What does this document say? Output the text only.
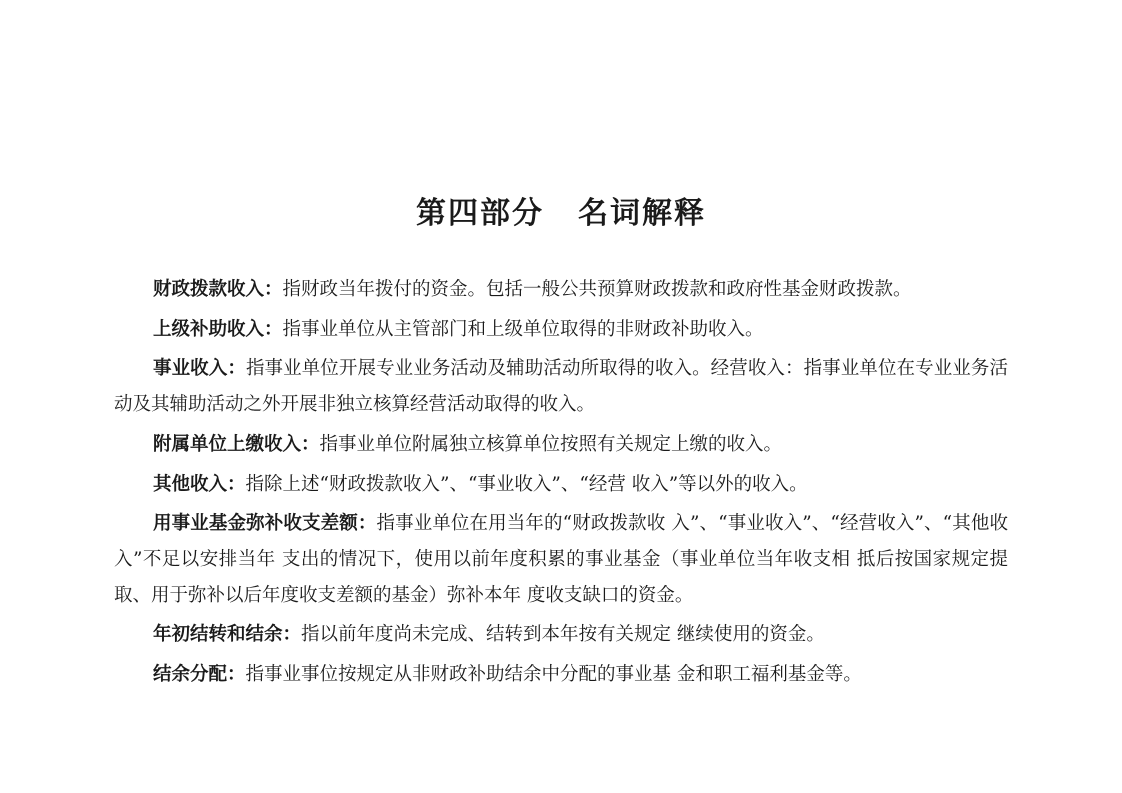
第四部分 名词解释

财政拨款收入：指财政当年拨付的资金。包括一般公共预算财政拨款和政府性基金财政拨款。

上级补助收入：指事业单位从主管部门和上级单位取得的非财政补助收入。

事业收入：指事业单位开展专业业务活动及辅助活动所取得的收入。经营收入：指事业单位在专业业务活动及其辅助活动之外开展非独立核算经营活动取得的收入。

附属单位上缴收入：指事业单位附属独立核算单位按照有关规定上缴的收入。

其他收入：指除上述“财政拨款收入”、“事业收入”、“经营 收入”等以外的收入。

用事业基金弥补收支差额：指事业单位在用当年的“财政拨款收 入”、“事业收入”、“经营收入”、“其他收入”不足以安排当年 支出的情况下，使用以前年度积累的事业基金（事业单位当年收支相 抵后按国家规定提取、用于弥补以后年度收支差额的基金）弥补本年 度收支缺口的资金。

年初结转和结余：指以前年度尚未完成、结转到本年按有关规定 继续使用的资金。

结余分配：指事业事位按规定从非财政补助结余中分配的事业基 金和职工福利基金等。
